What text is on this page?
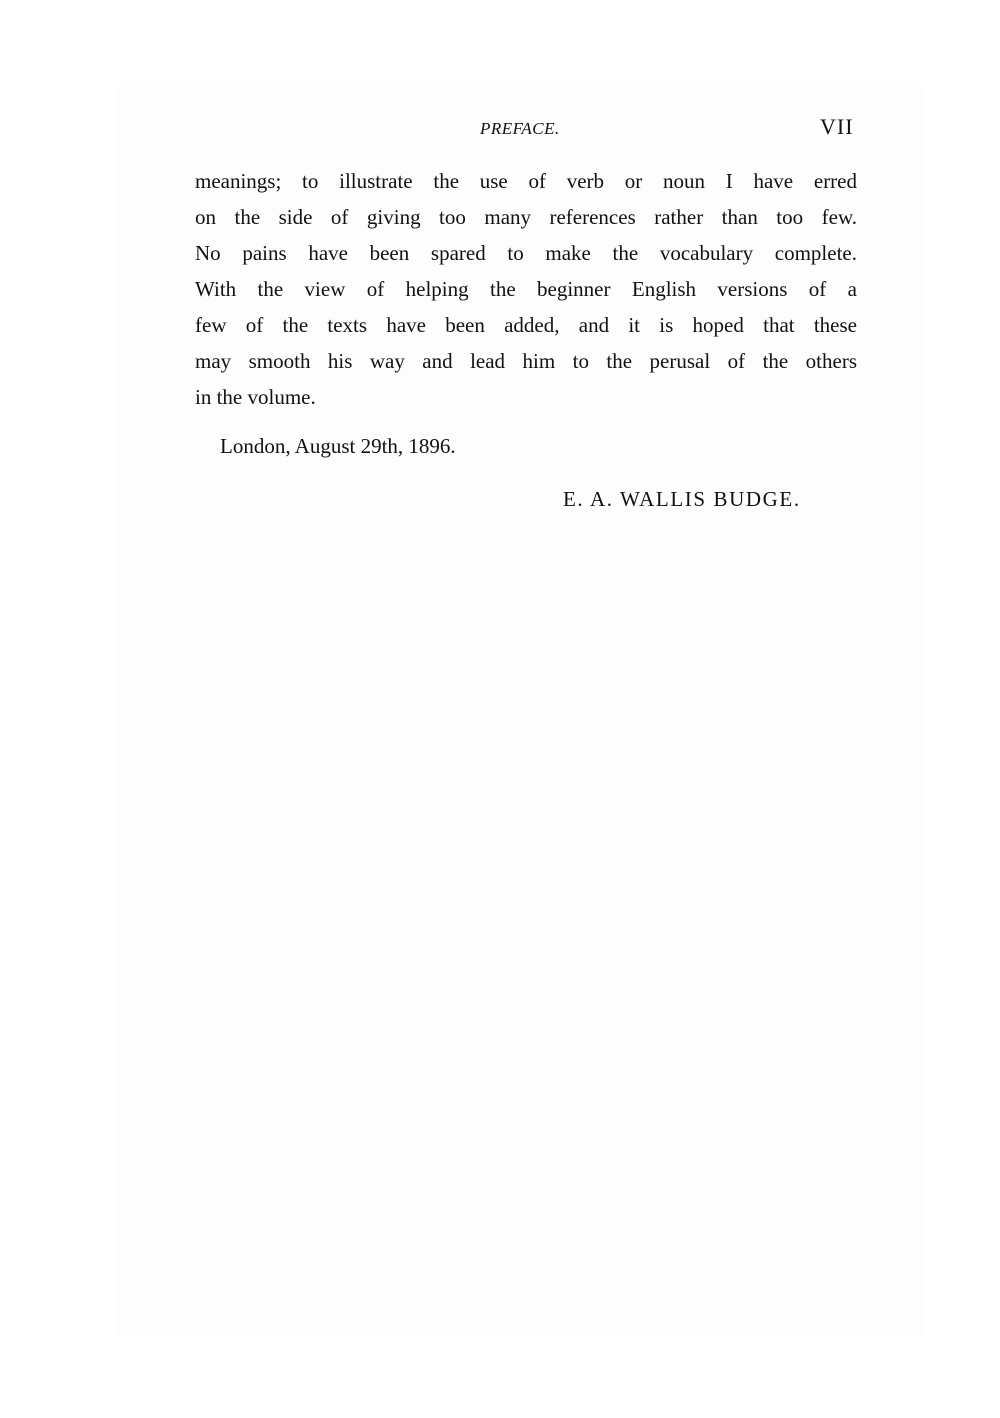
PREFACE.	VII
meanings; to illustrate the use of verb or noun I have erred
on the side of giving too many references rather than too few.
No pains have been spared to make the vocabulary complete.
With the view of helping the beginner English versions of a
few of the texts have been added, and it is hoped that these
may smooth his way and lead him to the perusal of the others
in the volume.
London, August 29th, 1896.
E. A. WALLIS BUDGE.
